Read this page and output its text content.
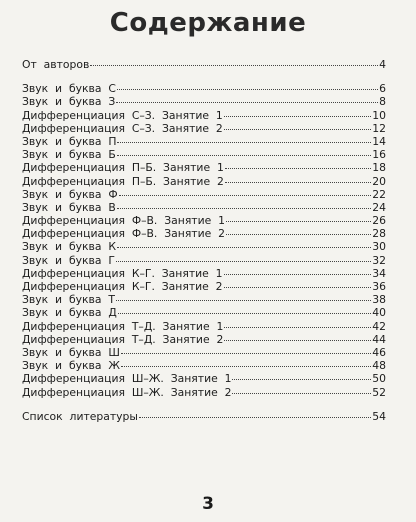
Содержание
От  авторов	4
Звук  и  буква  С	6
Звук  и  буква  З	8
Дифференциация  С–З.  Занятие  1	10
Дифференциация  С–З.  Занятие  2	12
Звук  и  буква  П	14
Звук  и  буква  Б	16
Дифференциация  П–Б.  Занятие  1	18
Дифференциация  П–Б.  Занятие  2	20
Звук  и  буква  Ф	22
Звук  и  буква  В	24
Дифференциация  Ф–В.  Занятие  1	26
Дифференциация  Ф–В.  Занятие  2	28
Звук  и  буква  К	30
Звук  и  буква  Г	32
Дифференциация  К–Г.  Занятие  1	34
Дифференциация  К–Г.  Занятие  2	36
Звук  и  буква  Т	38
Звук  и  буква  Д	40
Дифференциация  Т–Д.  Занятие  1	42
Дифференциация  Т–Д.  Занятие  2	44
Звук  и  буква  Ш	46
Звук  и  буква  Ж	48
Дифференциация  Ш–Ж.  Занятие  1	50
Дифференциация  Ш–Ж.  Занятие  2	52
Список  литературы	54
3
